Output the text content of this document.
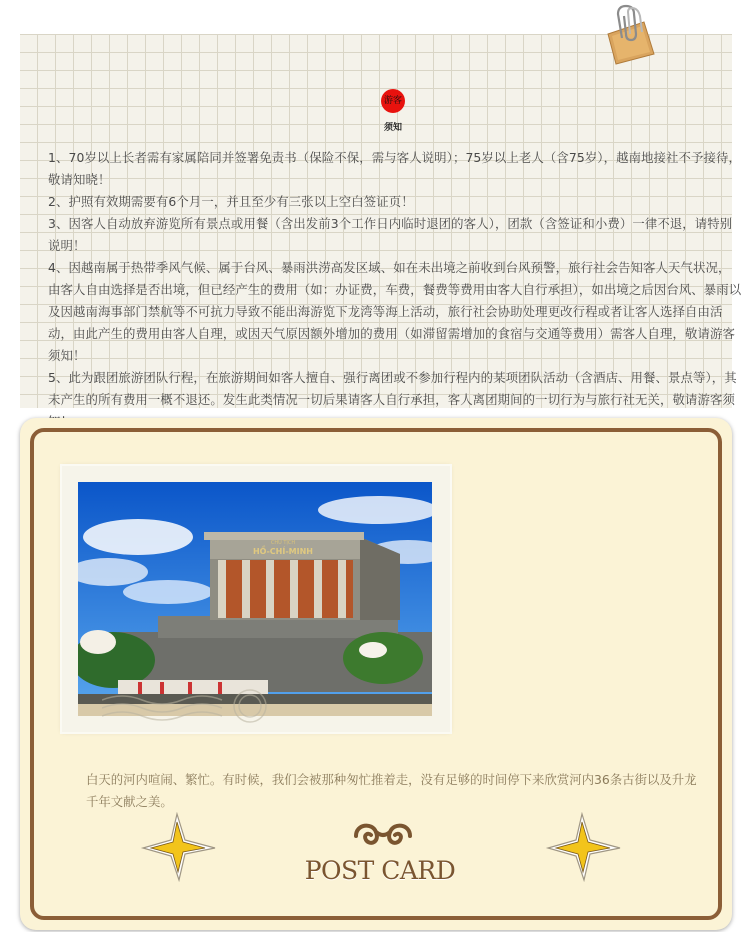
游客
须知

1、70岁以上长者需有家属陪同并签署免责书（保险不保，需与客人说明）；75岁以上老人（含75岁），越南地接社不予接待，敬请知晓！

2、护照有效期需要有6个月一，并且至少有三张以上空白签证页！

3、因客人自动放弃游览所有景点或用餐（含出发前3个工作日内临时退团的客人），团款（含签证和小费）一律不退，请特别说明！

4、因越南属于热带季风气候、属于台风、暴雨洪涝高发区域、如在未出境之前收到台风预警，旅行社会告知客人天气状况，由客人自由选择是否出境，但已经产生的费用（如：办证费，车费，餐费等费用由客人自行承担），如出境之后因台风、暴雨以及因越南海事部门禁航等不可抗力导致不能出海游览下龙湾等海上活动，旅行社会协助处理更改行程或者让客人选择自由活动，由此产生的费用由客人自理，或因天气原因额外增加的费用（如滞留需增加的食宿与交通等费用）需客人自理，敬请游客须知！

5、此为跟团旅游团队行程，在旅游期间如客人擅自、强行离团或不参加行程内的某项团队活动（含酒店、用餐、景点等），其未产生的所有费用一概不退还。发生此类情况一切后果请客人自行承担，客人离团期间的一切行为与旅行社无关，敬请游客须

CHỦ TỊCH
HỒ-CHÍ-MINH

白天的河内喧闹、繁忙。有时候，我们会被那种匆忙推着走，没有足够的时间停下来欣赏河内36条古街以及升龙千年文献之美。

POST CARD
